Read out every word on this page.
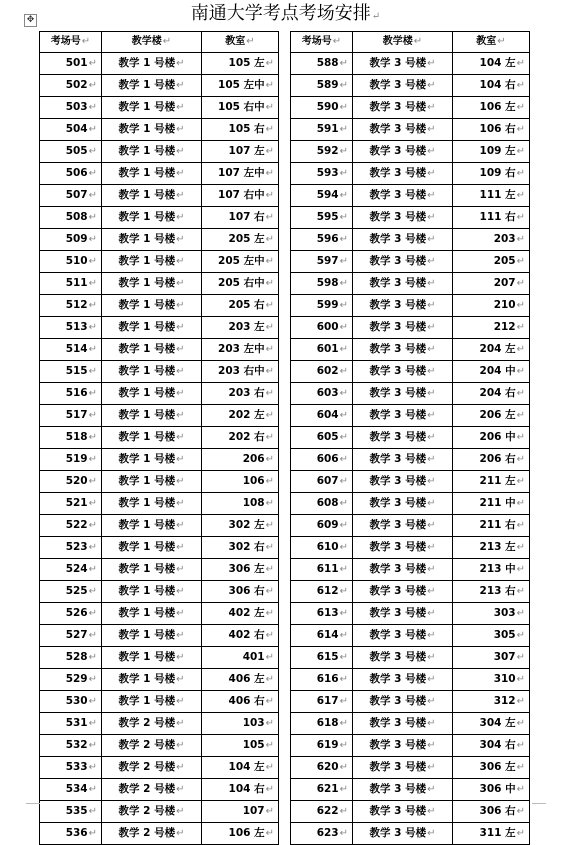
✥	南通大学考点考场安排↵
考场号↵	教学楼↵	教室↵
501↵	教学 1 号楼↵	105 左↵
502↵	教学 1 号楼↵	105 左中↵
503↵	教学 1 号楼↵	105 右中↵
504↵	教学 1 号楼↵	105 右↵
505↵	教学 1 号楼↵	107 左↵
506↵	教学 1 号楼↵	107 左中↵
507↵	教学 1 号楼↵	107 右中↵
508↵	教学 1 号楼↵	107 右↵
509↵	教学 1 号楼↵	205 左↵
510↵	教学 1 号楼↵	205 左中↵
511↵	教学 1 号楼↵	205 右中↵
512↵	教学 1 号楼↵	205 右↵
513↵	教学 1 号楼↵	203 左↵
514↵	教学 1 号楼↵	203 左中↵
515↵	教学 1 号楼↵	203 右中↵
516↵	教学 1 号楼↵	203 右↵
517↵	教学 1 号楼↵	202 左↵
518↵	教学 1 号楼↵	202 右↵
519↵	教学 1 号楼↵	206↵
520↵	教学 1 号楼↵	106↵
521↵	教学 1 号楼↵	108↵
522↵	教学 1 号楼↵	302 左↵
523↵	教学 1 号楼↵	302 右↵
524↵	教学 1 号楼↵	306 左↵
525↵	教学 1 号楼↵	306 右↵
526↵	教学 1 号楼↵	402 左↵
527↵	教学 1 号楼↵	402 右↵
528↵	教学 1 号楼↵	401↵
529↵	教学 1 号楼↵	406 左↵
530↵	教学 1 号楼↵	406 右↵
531↵	教学 2 号楼↵	103↵
532↵	教学 2 号楼↵	105↵
533↵	教学 2 号楼↵	104 左↵
534↵	教学 2 号楼↵	104 右↵
535↵	教学 2 号楼↵	107↵
536↵	教学 2 号楼↵	106 左↵
考场号↵	教学楼↵	教室↵
588↵	教学 3 号楼↵	104 左↵
589↵	教学 3 号楼↵	104 右↵
590↵	教学 3 号楼↵	106 左↵
591↵	教学 3 号楼↵	106 右↵
592↵	教学 3 号楼↵	109 左↵
593↵	教学 3 号楼↵	109 右↵
594↵	教学 3 号楼↵	111 左↵
595↵	教学 3 号楼↵	111 右↵
596↵	教学 3 号楼↵	203↵
597↵	教学 3 号楼↵	205↵
598↵	教学 3 号楼↵	207↵
599↵	教学 3 号楼↵	210↵
600↵	教学 3 号楼↵	212↵
601↵	教学 3 号楼↵	204 左↵
602↵	教学 3 号楼↵	204 中↵
603↵	教学 3 号楼↵	204 右↵
604↵	教学 3 号楼↵	206 左↵
605↵	教学 3 号楼↵	206 中↵
606↵	教学 3 号楼↵	206 右↵
607↵	教学 3 号楼↵	211 左↵
608↵	教学 3 号楼↵	211 中↵
609↵	教学 3 号楼↵	211 右↵
610↵	教学 3 号楼↵	213 左↵
611↵	教学 3 号楼↵	213 中↵
612↵	教学 3 号楼↵	213 右↵
613↵	教学 3 号楼↵	303↵
614↵	教学 3 号楼↵	305↵
615↵	教学 3 号楼↵	307↵
616↵	教学 3 号楼↵	310↵
617↵	教学 3 号楼↵	312↵
618↵	教学 3 号楼↵	304 左↵
619↵	教学 3 号楼↵	304 右↵
620↵	教学 3 号楼↵	306 左↵
621↵	教学 3 号楼↵	306 中↵
622↵	教学 3 号楼↵	306 右↵
623↵	教学 3 号楼↵	311 左↵
